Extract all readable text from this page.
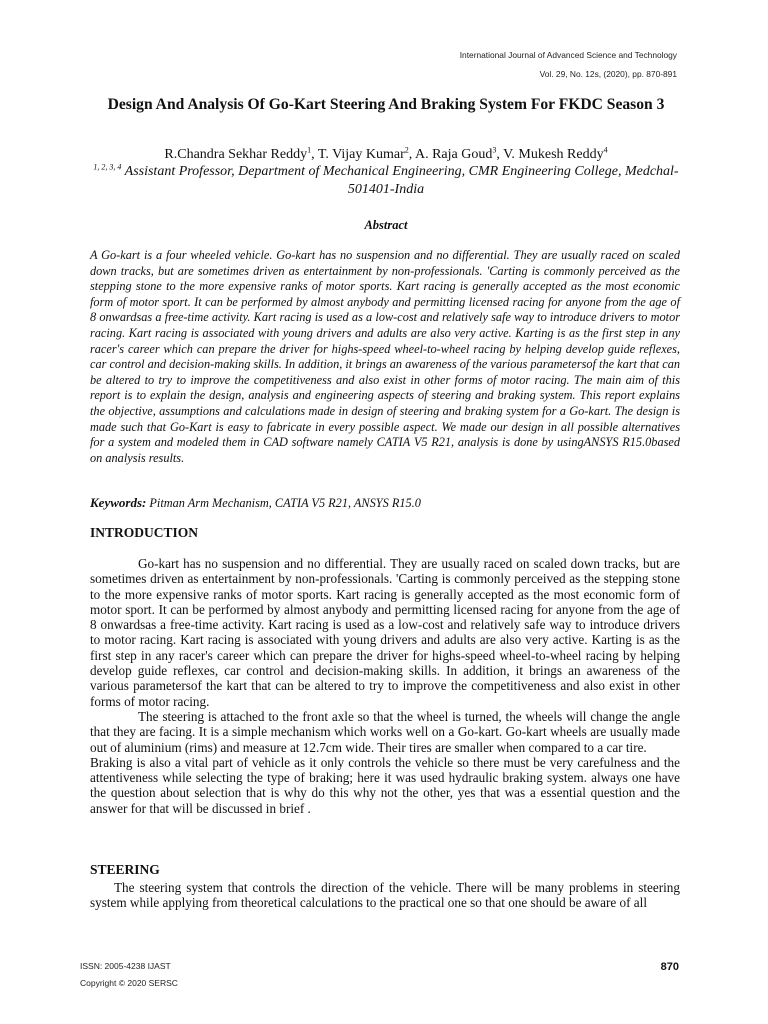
International Journal of Advanced Science and Technology
Vol. 29, No. 12s, (2020), pp. 870-891
Design And Analysis Of Go-Kart Steering And Braking System For FKDC Season 3
R.Chandra Sekhar Reddy$^1$, T. Vijay Kumar$^2$, A. Raja Goud$^3$, V. Mukesh Reddy$^4$
$^{1, 2, 3, 4}$ Assistant Professor, Department of Mechanical Engineering, CMR Engineering College, Medchal-501401-India
Abstract
A Go-kart is a four wheeled vehicle. Go-kart has no suspension and no differential. They are usually raced on scaled down tracks, but are sometimes driven as entertainment by non-professionals. 'Carting is commonly perceived as the stepping stone to the more expensive ranks of motor sports. Kart racing is generally accepted as the most economic form of motor sport. It can be performed by almost anybody and permitting licensed racing for anyone from the age of 8 onwardsas a free-time activity. Kart racing is used as a low-cost and relatively safe way to introduce drivers to motor racing. Kart racing is associated with young drivers and adults are also very active. Karting is as the first step in any racer's career which can prepare the driver for highs-speed wheel-to-wheel racing by helping develop guide reflexes, car control and decision-making skills. In addition, it brings an awareness of the various parametersof the kart that can be altered to try to improve the competitiveness and also exist in other forms of motor racing. The main aim of this report is to explain the design, analysis and engineering aspects of steering and braking system. This report explains the objective, assumptions and calculations made in design of steering and braking system for a Go-kart. The design is made such that Go-Kart is easy to fabricate in every possible aspect. We made our design in all possible alternatives for a system and modeled them in CAD software namely CATIA V5 R21, analysis is done by usingANSYS R15.0based on analysis results.
Keywords: Pitman Arm Mechanism, CATIA V5 R21, ANSYS R15.0
INTRODUCTION

Go-kart has no suspension and no differential. They are usually raced on scaled down tracks, but are sometimes driven as entertainment by non-professionals. 'Carting is commonly perceived as the stepping stone to the more expensive ranks of motor sports. Kart racing is generally accepted as the most economic form of motor sport. It can be performed by almost anybody and permitting licensed racing for anyone from the age of 8 onwardsas a free-time activity. Kart racing is used as a low-cost and relatively safe way to introduce drivers to motor racing. Kart racing is associated with young drivers and adults are also very active. Karting is as the first step in any racer's career which can prepare the driver for highs-speed wheel-to-wheel racing by helping develop guide reflexes, car control and decision-making skills. In addition, it brings an awareness of the various parametersof the kart that can be altered to try to improve the competitiveness and also exist in other forms of motor racing.

The steering is attached to the front axle so that the wheel is turned, the wheels will change the angle that they are facing. It is a simple mechanism which works well on a Go-kart. Go-kart wheels are usually made out of aluminium (rims) and measure at 12.7cm wide. Their tires are smaller when compared to a car tire.

Braking is also a vital part of vehicle as it only controls the vehicle so there must be very carefulness and the attentiveness while selecting the type of braking; here it was used hydraulic braking system. always one have the question about selection that is why do this why not the other, yes that was a essential question and the answer for that will be discussed in brief .

STEERING
The steering system that controls the direction of the vehicle. There will be many problems in steering system while applying from theoretical calculations to the practical one so that one should be aware of all
ISSN: 2005-4238 IJAST
Copyright © 2020 SERSC
870
